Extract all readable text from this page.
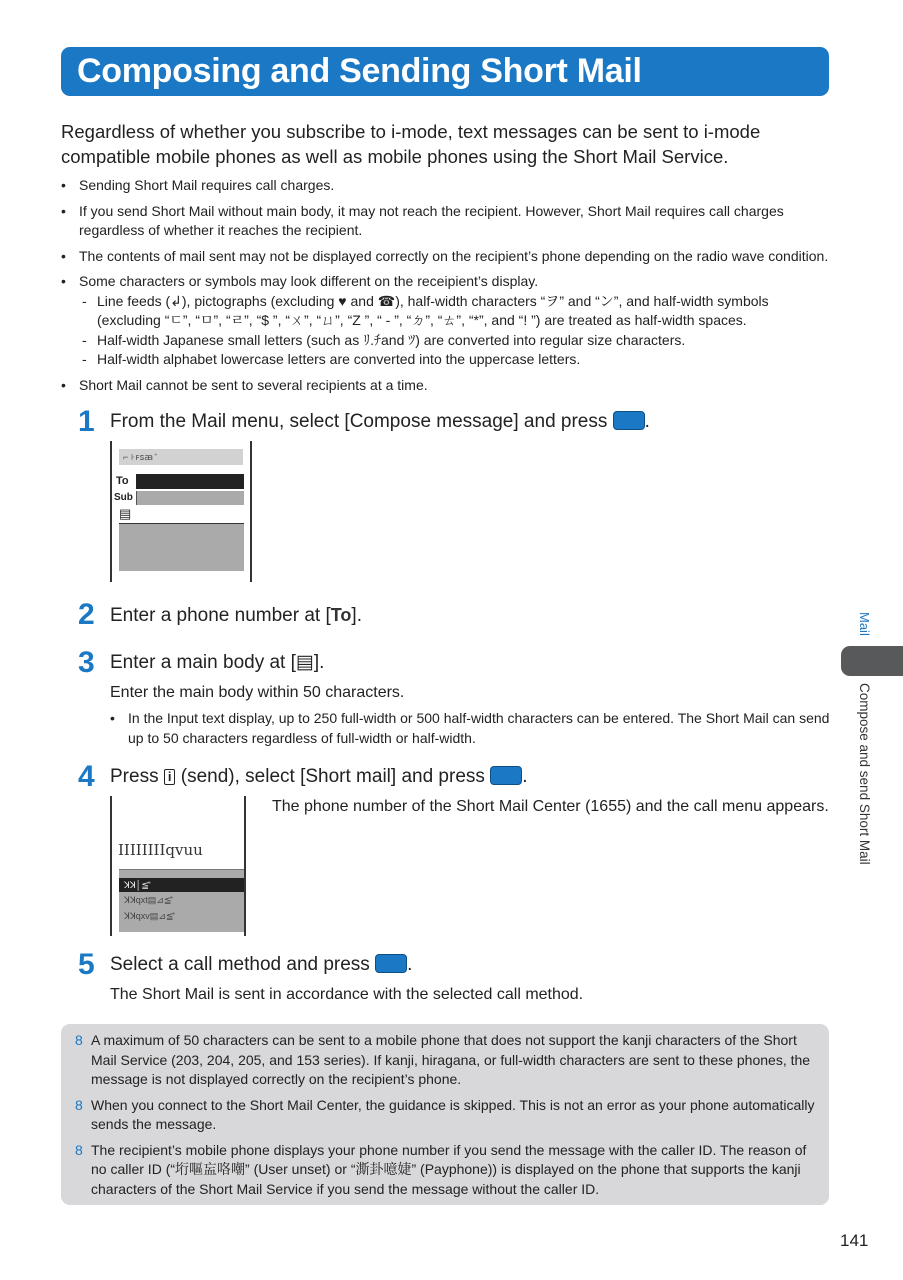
Composing and Sending Short Mail

Regardless of whether you subscribe to i-mode, text messages can be sent to i-mode compatible mobile phones as well as mobile phones using the Short Mail Service.

• Sending Short Mail requires call charges.
• If you send Short Mail without main body, it may not reach the recipient. However, Short Mail requires call charges regardless of whether it reaches the recipient.
• The contents of mail sent may not be displayed correctly on the recipient’s phone depending on the radio wave condition.
• Some characters or symbols may look different on the receipient’s display.

- Line feeds (↲), pictographs (excluding ♥ and ☎), half-width characters “ヲ” and “ン”, and half-width symbols (excluding “ㄷ”, “ㅁ”, “ㄹ”, “$ ”, “ㄨ”, “ㄩ”, “Z ”, “ - ”, “ㄉ”, “ㄊ”, “*”, and “! ”) are treated as half-width spaces.

- Half-width Japanese small letters (such as ﾘ.ﾁand ﾂ) are converted into regular size characters.

- Half-width alphabet lowercase letters are converted into the uppercase letters.

• Short Mail cannot be sent to several recipients at a time.
1 From the Mail menu, select [Compose message] and press .
⌐ ꜔ꜰꜱꜳ ꜙ
To
Sub
▤
2 Enter a phone number at [To].
3 Enter a main body at [▤].
Enter the main body within 50 characters.
• In the Input text display, up to 250 full-width or 500 half-width characters can be entered. The Short Mail can send up to 50 characters regardless of full-width or half-width.
4 Press i (send), select [Short mail] and press .
IIIIIIIIqvuu
ꓘꓘ│≦ꜙꜙ
ꓘꓘqxt▤⊿≦ꜙꜙ
ꓘꓘqxv▤⊿≦ꜙꜙ
The phone number of the Short Mail Center (1655) and the call menu appears.
5 Select a call method and press .
The Short Mail is sent in accordance with the selected call method.
8 A maximum of 50 characters can be sent to a mobile phone that does not support the kanji characters of the Short Mail Service (203, 204, 205, and 153 series). If kanji, hiragana, or full-width characters are sent to these phones, the message is not displayed correctly on the recipient’s phone.
8 When you connect to the Short Mail Center, the guidance is skipped. This is not an error as your phone automatically sends the message.
8 The recipient’s mobile phone displays your phone number if you send the message with the caller ID. The reason of no caller ID (“垳嘔衁咯嘲” (User unset) or “澌卦噫婕” (Payphone)) is displayed on the phone that supports the kanji characters of the Short Mail Service if you send the message without the caller ID.
Mail
Compose and send Short Mail
141
